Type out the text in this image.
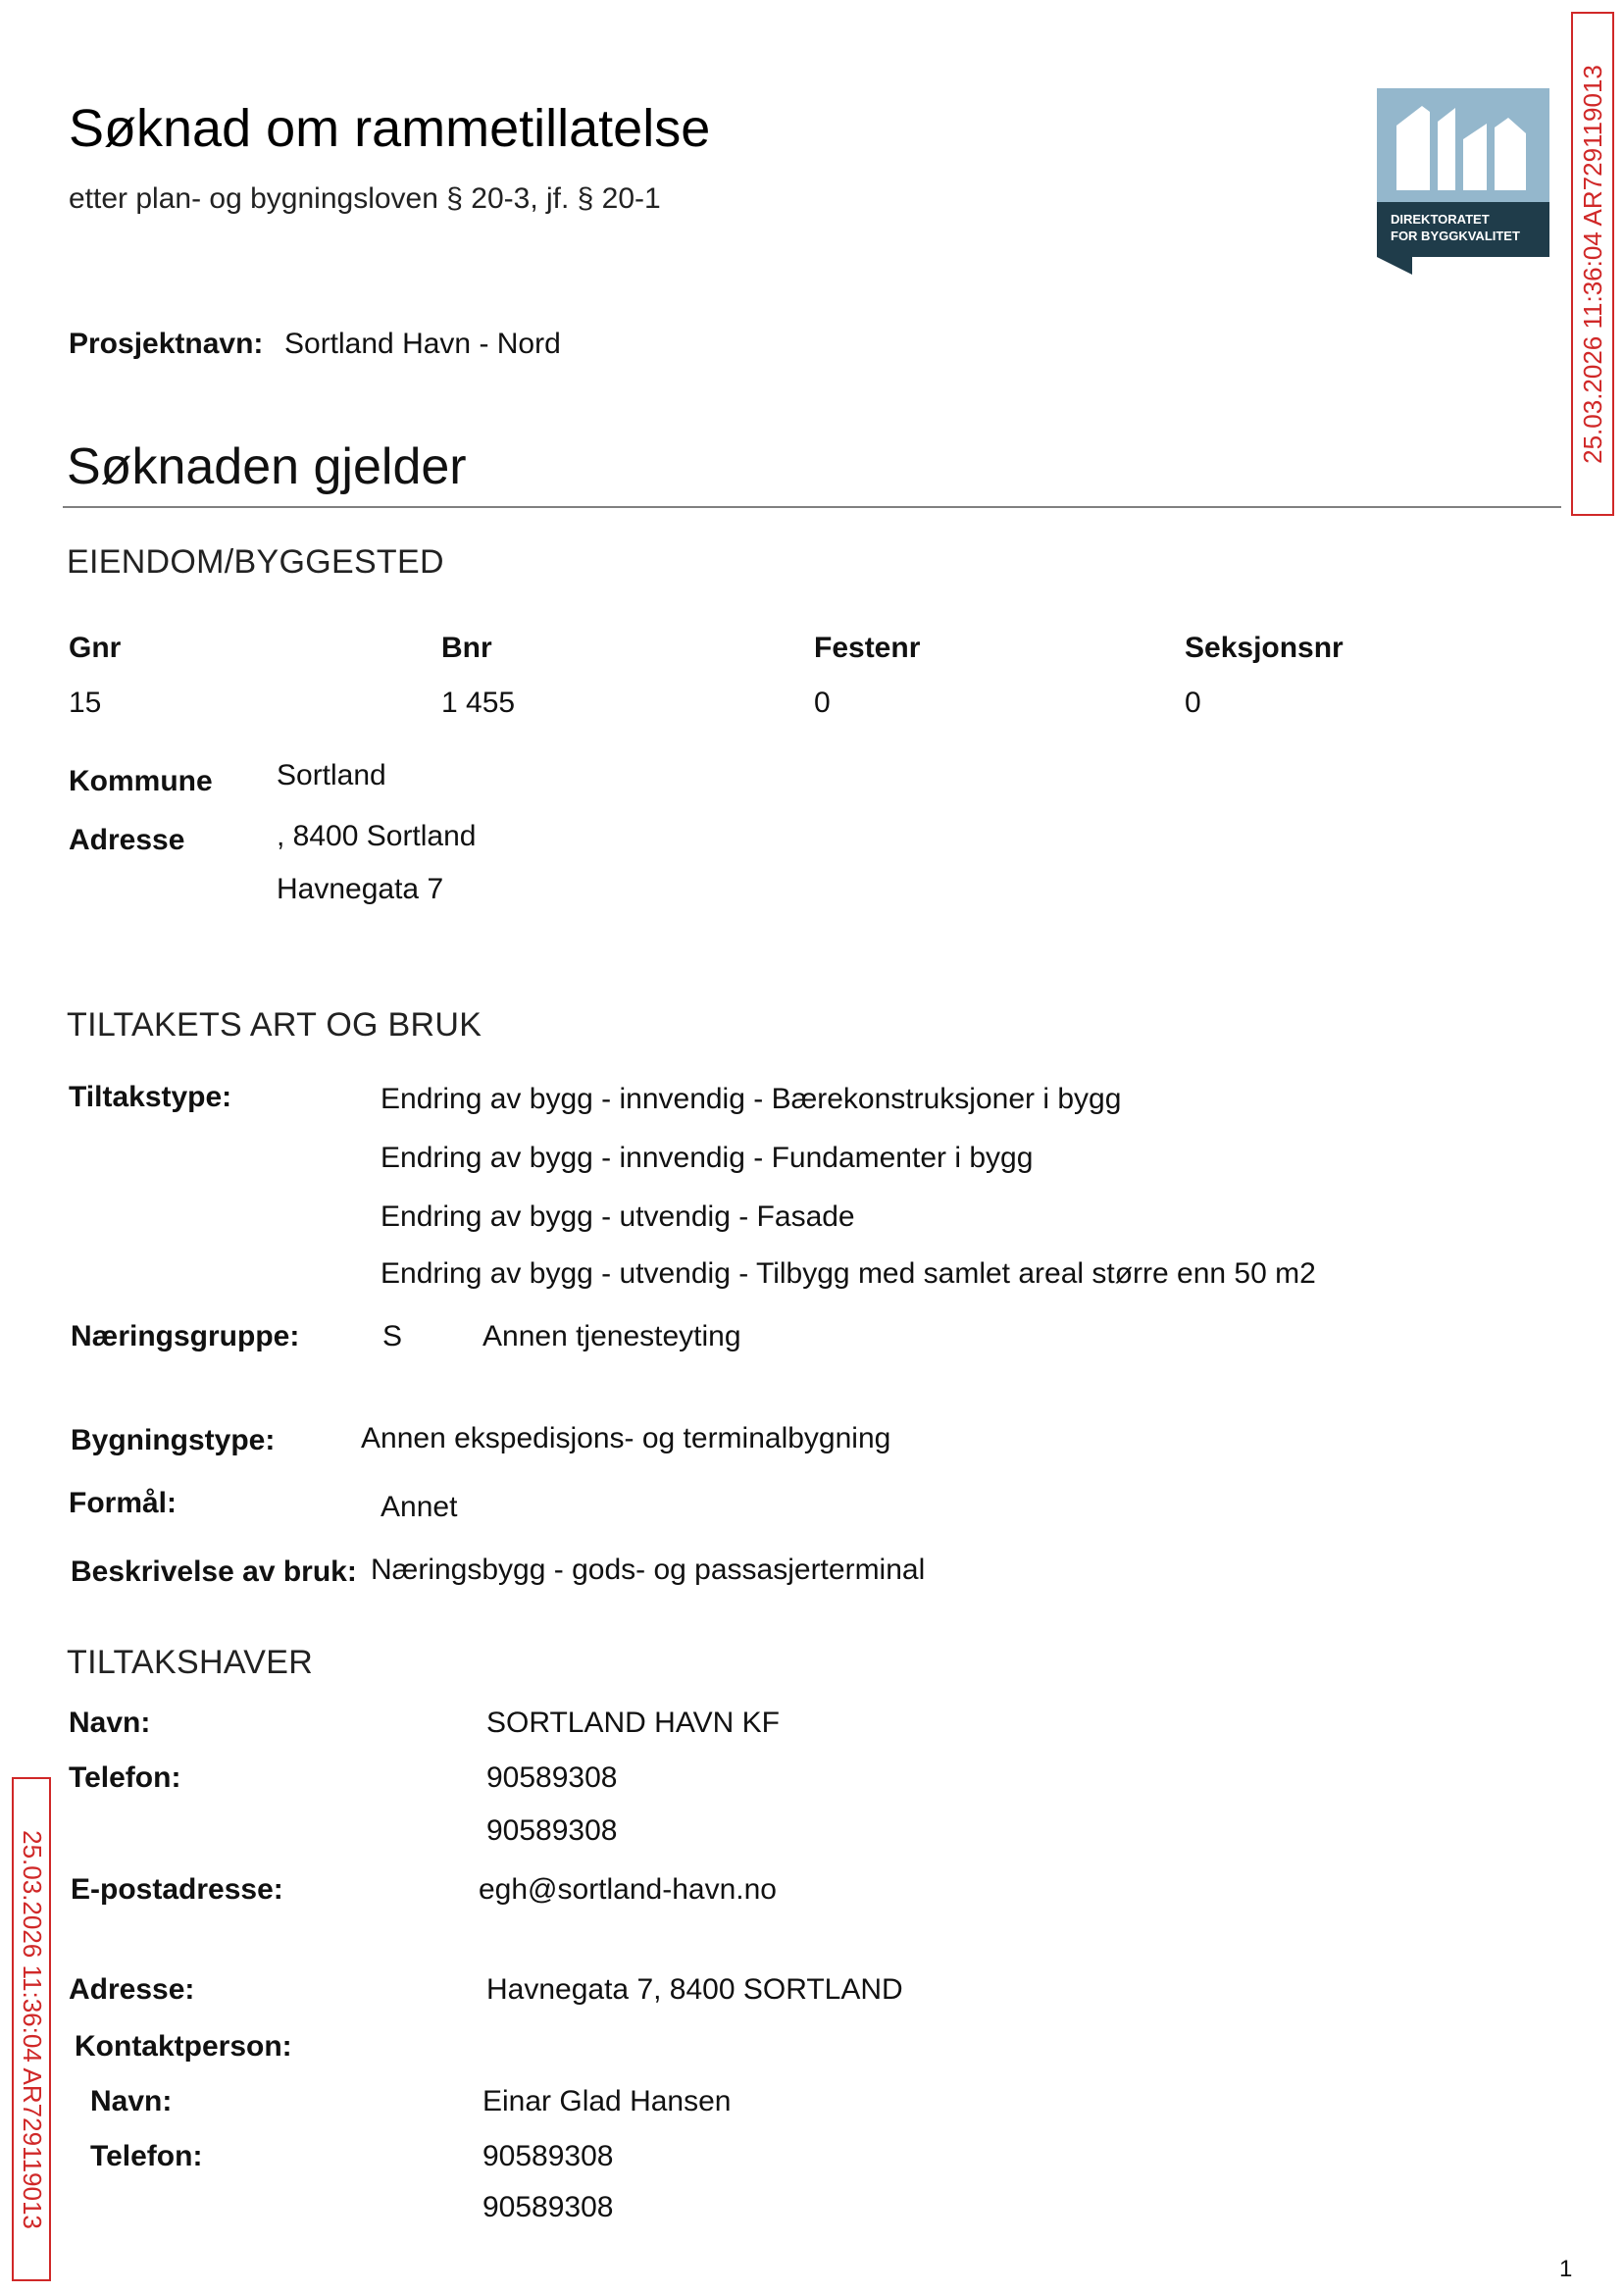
Søknad om rammetillatelse
etter plan- og bygningsloven § 20-3, jf. § 20-1
DIREKTORATET
FOR BYGGKVALITET 25.03.2026 11:36:04 AR729119013
Prosjektnavn: Sortland Havn - Nord
Søknaden gjelder
EIENDOM/BYGGESTED
Gnr	Bnr	Festenr	Seksjonsnr
15	1 455	0	0
Kommune Sortland
Adresse	, 8400 Sortland
Havnegata 7
TILTAKETS ART OG BRUK
Tiltakstype:	Endring av bygg - innvendig - Bærekonstruksjoner i bygg
Endring av bygg - innvendig - Fundamenter i bygg
Endring av bygg - utvendig - Fasade
Endring av bygg - utvendig - Tilbygg med samlet areal større enn 50 m2
Næringsgruppe:	S	Annen tjenesteyting
Bygningstype:	Annen ekspedisjons- og terminalbygning
Formål:	Annet
Beskrivelse av bruk: Næringsbygg - gods- og passasjerterminal
TILTAKSHAVER
Navn:	SORTLAND HAVN KF
Telefon:	90589308
90589308
E-postadresse:	egh@sortland-havn.no
Adresse:	Havnegata 7, 8400 SORTLAND
Kontaktperson:
Navn:	Einar Glad Hansen
Telefon:	90589308
90589308
25.03.2026 11:36:04 AR729119013
1
